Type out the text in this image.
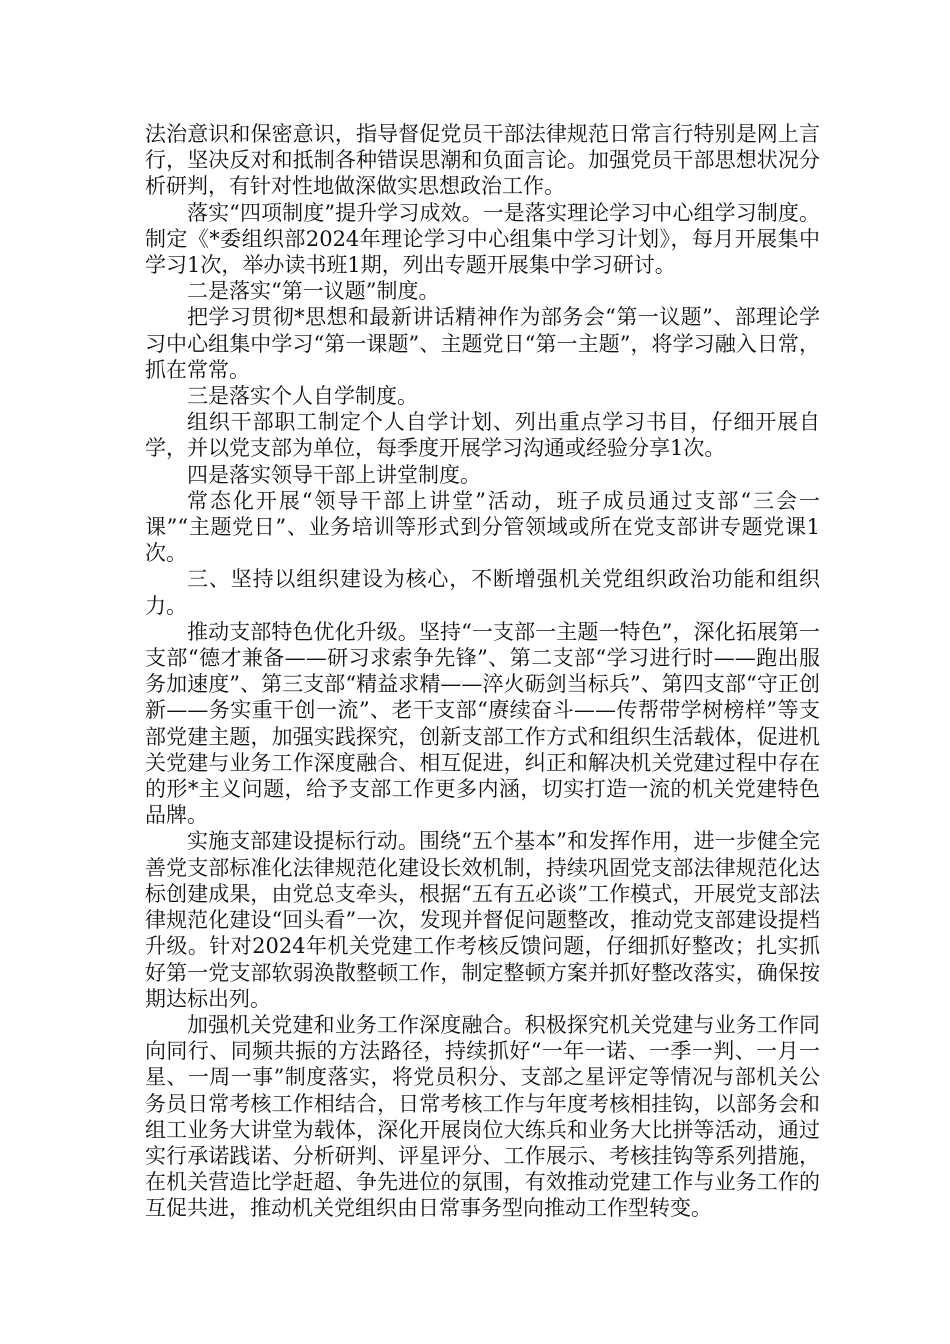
法治意识和保密意识，指导督促党员干部法律规范日常言行特别是网上言行，坚决反对和抵制各种错误思潮和负面言论。加强党员干部思想状况分析研判，有针对性地做深做实思想政治工作。

落实“四项制度”提升学习成效。一是落实理论学习中心组学习制度。制定《*委组织部2024年理论学习中心组集中学习计划》，每月开展集中学习1次，举办读书班1期，列出专题开展集中学习研讨。

二是落实“第一议题”制度。

把学习贯彻*思想和最新讲话精神作为部务会“第一议题”、部理论学习中心组集中学习“第一课题”、主题党日“第一主题”，将学习融入日常，抓在常常。

三是落实个人自学制度。

组织干部职工制定个人自学计划、列出重点学习书目，仔细开展自学，并以党支部为单位，每季度开展学习沟通或经验分享1次。

四是落实领导干部上讲堂制度。

常态化开展“领导干部上讲堂”活动，班子成员通过支部“三会一课”“主题党日”、业务培训等形式到分管领域或所在党支部讲专题党课1次。

三、坚持以组织建设为核心，不断增强机关党组织政治功能和组织力。

推动支部特色优化升级。坚持“一支部一主题一特色”，深化拓展第一支部“德才兼备——研习求索争先锋”、第二支部“学习进行时——跑出服务加速度”、第三支部“精益求精——淬火砺剑当标兵”、第四支部“守正创新——务实重干创一流”、老干支部“赓续奋斗——传帮带学树榜样”等支部党建主题，加强实践探究，创新支部工作方式和组织生活载体，促进机关党建与业务工作深度融合、相互促进，纠正和解决机关党建过程中存在的形*主义问题，给予支部工作更多内涵，切实打造一流的机关党建特色品牌。

实施支部建设提标行动。围绕“五个基本”和发挥作用，进一步健全完善党支部标准化法律规范化建设长效机制，持续巩固党支部法律规范化达标创建成果，由党总支牵头，根据“五有五必谈”工作模式，开展党支部法律规范化建设“回头看”一次，发现并督促问题整改，推动党支部建设提档升级。针对2024年机关党建工作考核反馈问题，仔细抓好整改；扎实抓好第一党支部软弱涣散整顿工作，制定整顿方案并抓好整改落实，确保按期达标出列。

加强机关党建和业务工作深度融合。积极探究机关党建与业务工作同向同行、同频共振的方法路径，持续抓好“一年一诺、一季一判、一月一星、一周一事”制度落实，将党员积分、支部之星评定等情况与部机关公务员日常考核工作相结合，日常考核工作与年度考核相挂钩，以部务会和组工业务大讲堂为载体，深化开展岗位大练兵和业务大比拼等活动，通过实行承诺践诺、分析研判、评星评分、工作展示、考核挂钩等系列措施，在机关营造比学赶超、争先进位的氛围，有效推动党建工作与业务工作的互促共进，推动机关党组织由日常事务型向推动工作型转变。
